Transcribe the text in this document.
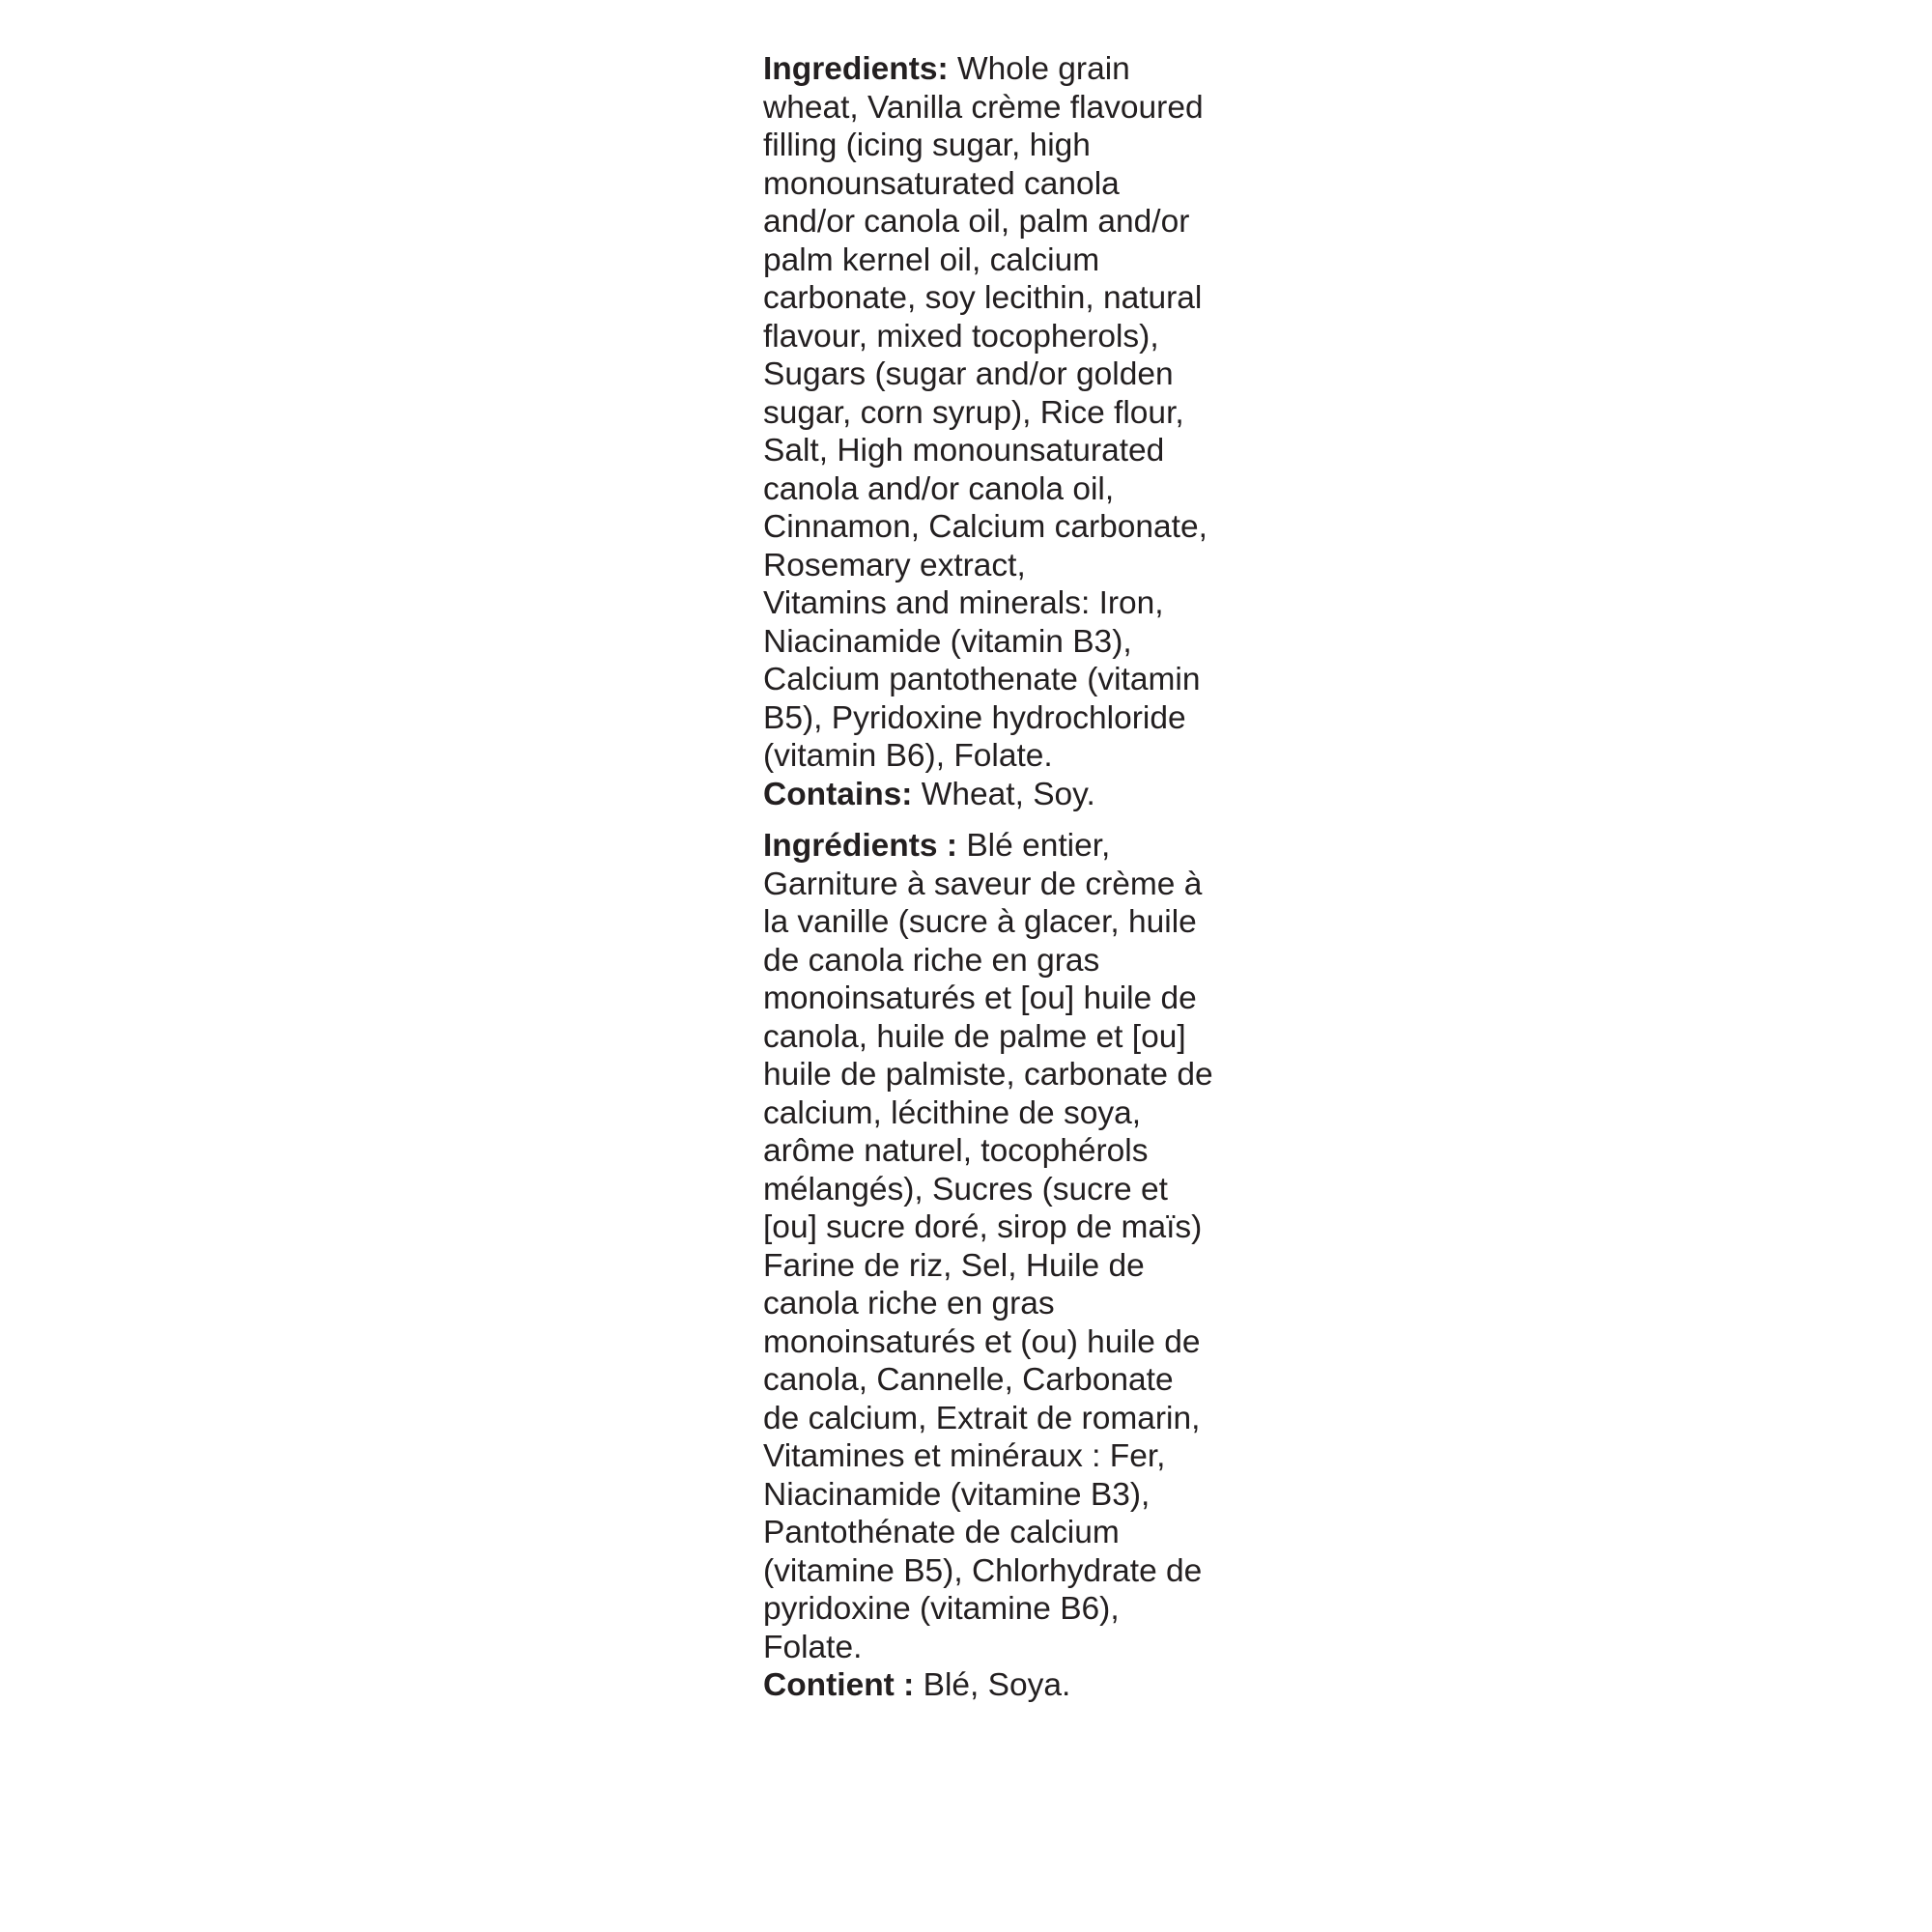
Ingredients: Whole grain wheat, Vanilla crème flavoured filling (icing sugar, high monounsaturated canola and/or canola oil, palm and/or palm kernel oil, calcium carbonate, soy lecithin, natural flavour, mixed tocopherols), Sugars (sugar and/or golden sugar, corn syrup), Rice flour, Salt, High monounsaturated canola and/or canola oil, Cinnamon, Calcium carbonate, Rosemary extract,

Vitamins and minerals: Iron, Niacinamide (vitamin B3), Calcium pantothenate (vitamin B5), Pyridoxine hydrochloride (vitamin B6), Folate.

Contains: Wheat, Soy.

Ingrédients : Blé entier, Garniture à saveur de crème à la vanille (sucre à glacer, huile de canola riche en gras monoinsaturés et [ou] huile de canola, huile de palme et [ou] huile de palmiste, carbonate de calcium, lécithine de soya, arôme naturel, tocophérols mélangés), Sucres (sucre et [ou] sucre doré, sirop de maïs) Farine de riz, Sel, Huile de canola riche en gras monoinsaturés et (ou) huile de canola, Cannelle, Carbonate de calcium, Extrait de romarin,

Vitamines et minéraux : Fer, Niacinamide (vitamine B3), Pantothénate de calcium (vitamine B5), Chlorhydrate de pyridoxine (vitamine B6), Folate.

Contient : Blé, Soya.
